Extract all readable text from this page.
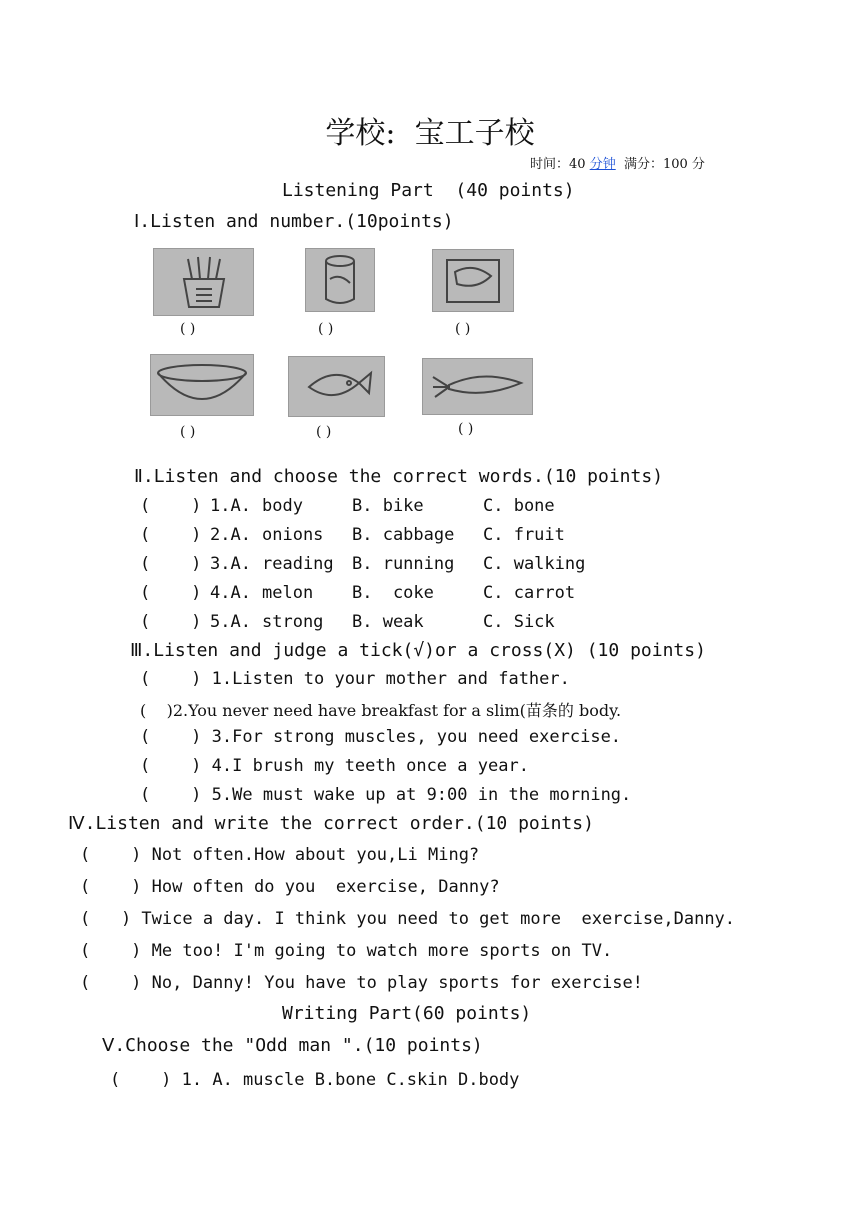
学校:  宝工子校
时间：40 分钟  满分：100 分
Listening Part  (40 points)
Ⅰ.Listen and number.(10points)
( )	( )	( )
( )	( )	( )
Ⅱ.Listen and choose the correct words.(10 points)
(    ) 1.A. body	B. bike	C. bone
(    ) 2.A. onions B. cabbage C. fruit
(    ) 3.A. reading B. running C. walking
(    ) 4.A. melon B.  coke	C. carrot
(    ) 5.A. strong B. weak	C. Sick
Ⅲ.Listen and judge a tick(√)or a cross(X) (10 points)
(    ) 1.Listen to your mother and father.
(    )2.You never need have breakfast for a slim(苗条的 body.
(    ) 3.For strong muscles, you need exercise.
(    ) 4.I brush my teeth once a year.
(    ) 5.We must wake up at 9:00 in the morning.
Ⅳ.Listen and write the correct order.(10 points)
(    ) Not often.How about you,Li Ming?
(    ) How often do you  exercise, Danny?
(   ) Twice a day. I think you need to get more  exercise,Danny.
(    ) Me too! I'm going to watch more sports on TV.
(    ) No, Danny! You have to play sports for exercise!
Writing Part(60 points)
Ⅴ.Choose the "Odd man ".(10 points)
(    ) 1. A. muscle B.bone C.skin D.body
